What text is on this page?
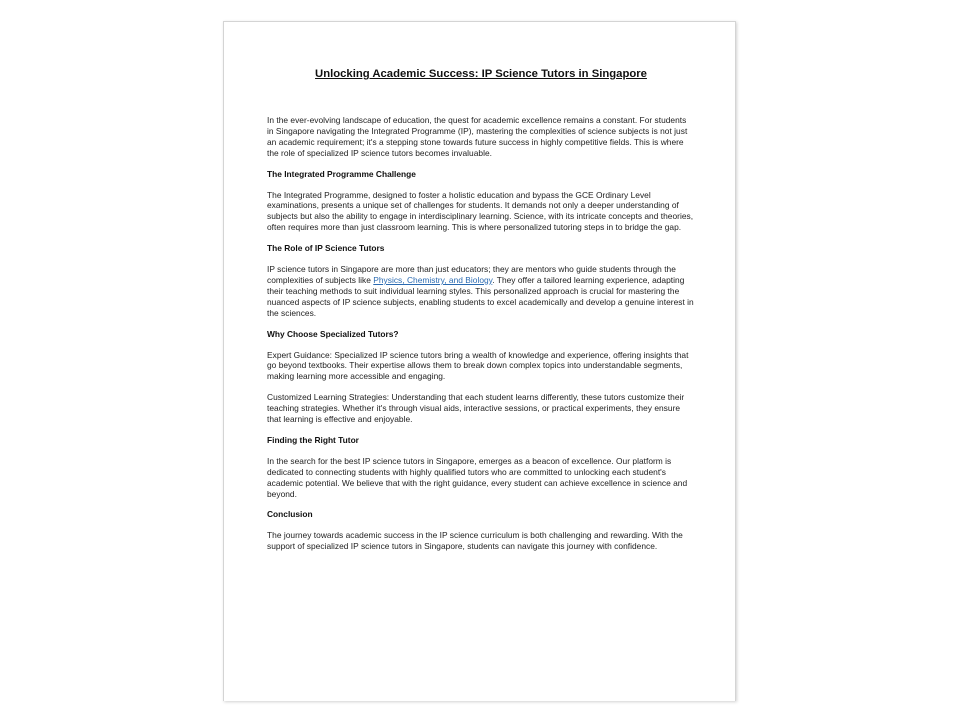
Unlocking Academic Success: IP Science Tutors in Singapore

In the ever-evolving landscape of education, the quest for academic excellence remains a constant. For students in Singapore navigating the Integrated Programme (IP), mastering the complexities of science subjects is not just an academic requirement; it's a stepping stone towards future success in highly competitive fields. This is where the role of specialized IP science tutors becomes invaluable.

The Integrated Programme Challenge

The Integrated Programme, designed to foster a holistic education and bypass the GCE Ordinary Level examinations, presents a unique set of challenges for students. It demands not only a deeper understanding of subjects but also the ability to engage in interdisciplinary learning. Science, with its intricate concepts and theories, often requires more than just classroom learning. This is where personalized tutoring steps in to bridge the gap.

The Role of IP Science Tutors

IP science tutors in Singapore are more than just educators; they are mentors who guide students through the complexities of subjects like Physics, Chemistry, and Biology. They offer a tailored learning experience, adapting their teaching methods to suit individual learning styles. This personalized approach is crucial for mastering the nuanced aspects of IP science subjects, enabling students to excel academically and develop a genuine interest in the sciences.

Why Choose Specialized Tutors?

Expert Guidance: Specialized IP science tutors bring a wealth of knowledge and experience, offering insights that go beyond textbooks. Their expertise allows them to break down complex topics into understandable segments, making learning more accessible and engaging.

Customized Learning Strategies: Understanding that each student learns differently, these tutors customize their teaching strategies. Whether it's through visual aids, interactive sessions, or practical experiments, they ensure that learning is effective and enjoyable.

Finding the Right Tutor

In the search for the best IP science tutors in Singapore, emerges as a beacon of excellence. Our platform is dedicated to connecting students with highly qualified tutors who are committed to unlocking each student's academic potential. We believe that with the right guidance, every student can achieve excellence in science and beyond.

Conclusion

The journey towards academic success in the IP science curriculum is both challenging and rewarding. With the support of specialized IP science tutors in Singapore, students can navigate this journey with confidence.
